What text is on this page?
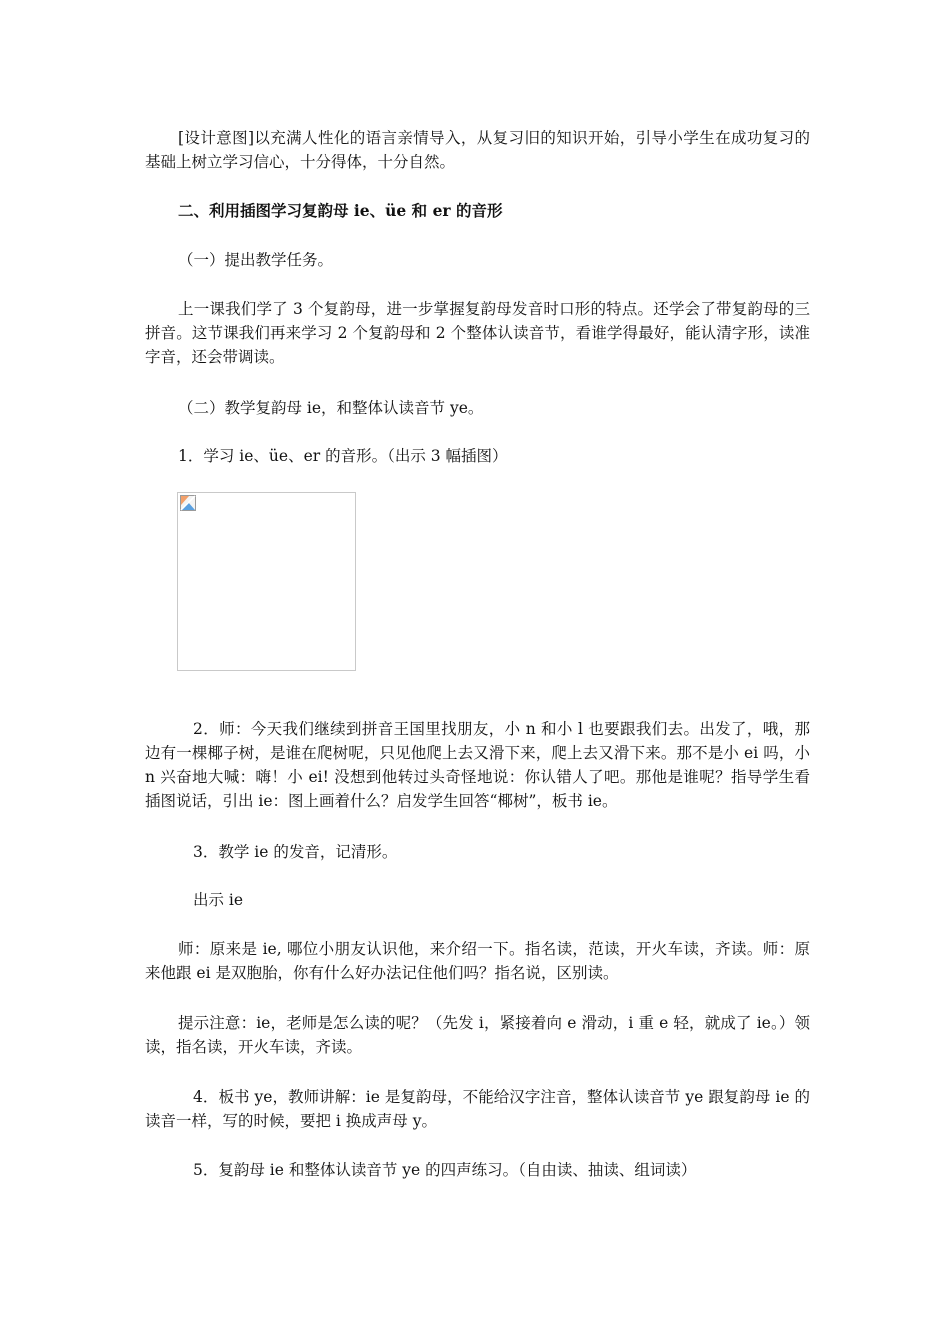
[设计意图]以充满人性化的语言亲情导入，从复习旧的知识开始，引导小学生在成功复习的基础上树立学习信心，十分得体，十分自然。

二、利用插图学习复韵母 ie、üe 和 er 的音形

（一）提出教学任务。

上一课我们学了 3 个复韵母，进一步掌握复韵母发音时口形的特点。还学会了带复韵母的三拼音。这节课我们再来学习 2 个复韵母和 2 个整体认读音节，看谁学得最好，能认清字形，读准字音，还会带调读。

（二）教学复韵母 ie，和整体认读音节 ye。

1．学习 ie、üe、er 的音形。（出示 3 幅插图）

2．师：今天我们继续到拼音王国里找朋友，小 n 和小 l 也要跟我们去。出发了，哦，那边有一棵椰子树，是谁在爬树呢，只见他爬上去又滑下来，爬上去又滑下来。那不是小 ei 吗，小 n 兴奋地大喊：嗨！小 ei! 没想到他转过头奇怪地说：你认错人了吧。那他是谁呢？指导学生看插图说话，引出 ie：图上画着什么？启发学生回答“椰树”，板书 ie。

3．教学 ie 的发音，记清形。

出示 ie

师：原来是 ie, 哪位小朋友认识他，来介绍一下。指名读，范读，开火车读，齐读。师：原来他跟 ei 是双胞胎，你有什么好办法记住他们吗？指名说，区别读。

提示注意：ie，老师是怎么读的呢？（先发 i，紧接着向 e 滑动，i 重 e 轻，就成了 ie。）领读，指名读，开火车读，齐读。

4．板书 ye，教师讲解：ie 是复韵母，不能给汉字注音，整体认读音节 ye 跟复韵母 ie 的读音一样，写的时候，要把 i 换成声母 y。

5．复韵母 ie 和整体认读音节 ye 的四声练习。（自由读、抽读、组词读）
